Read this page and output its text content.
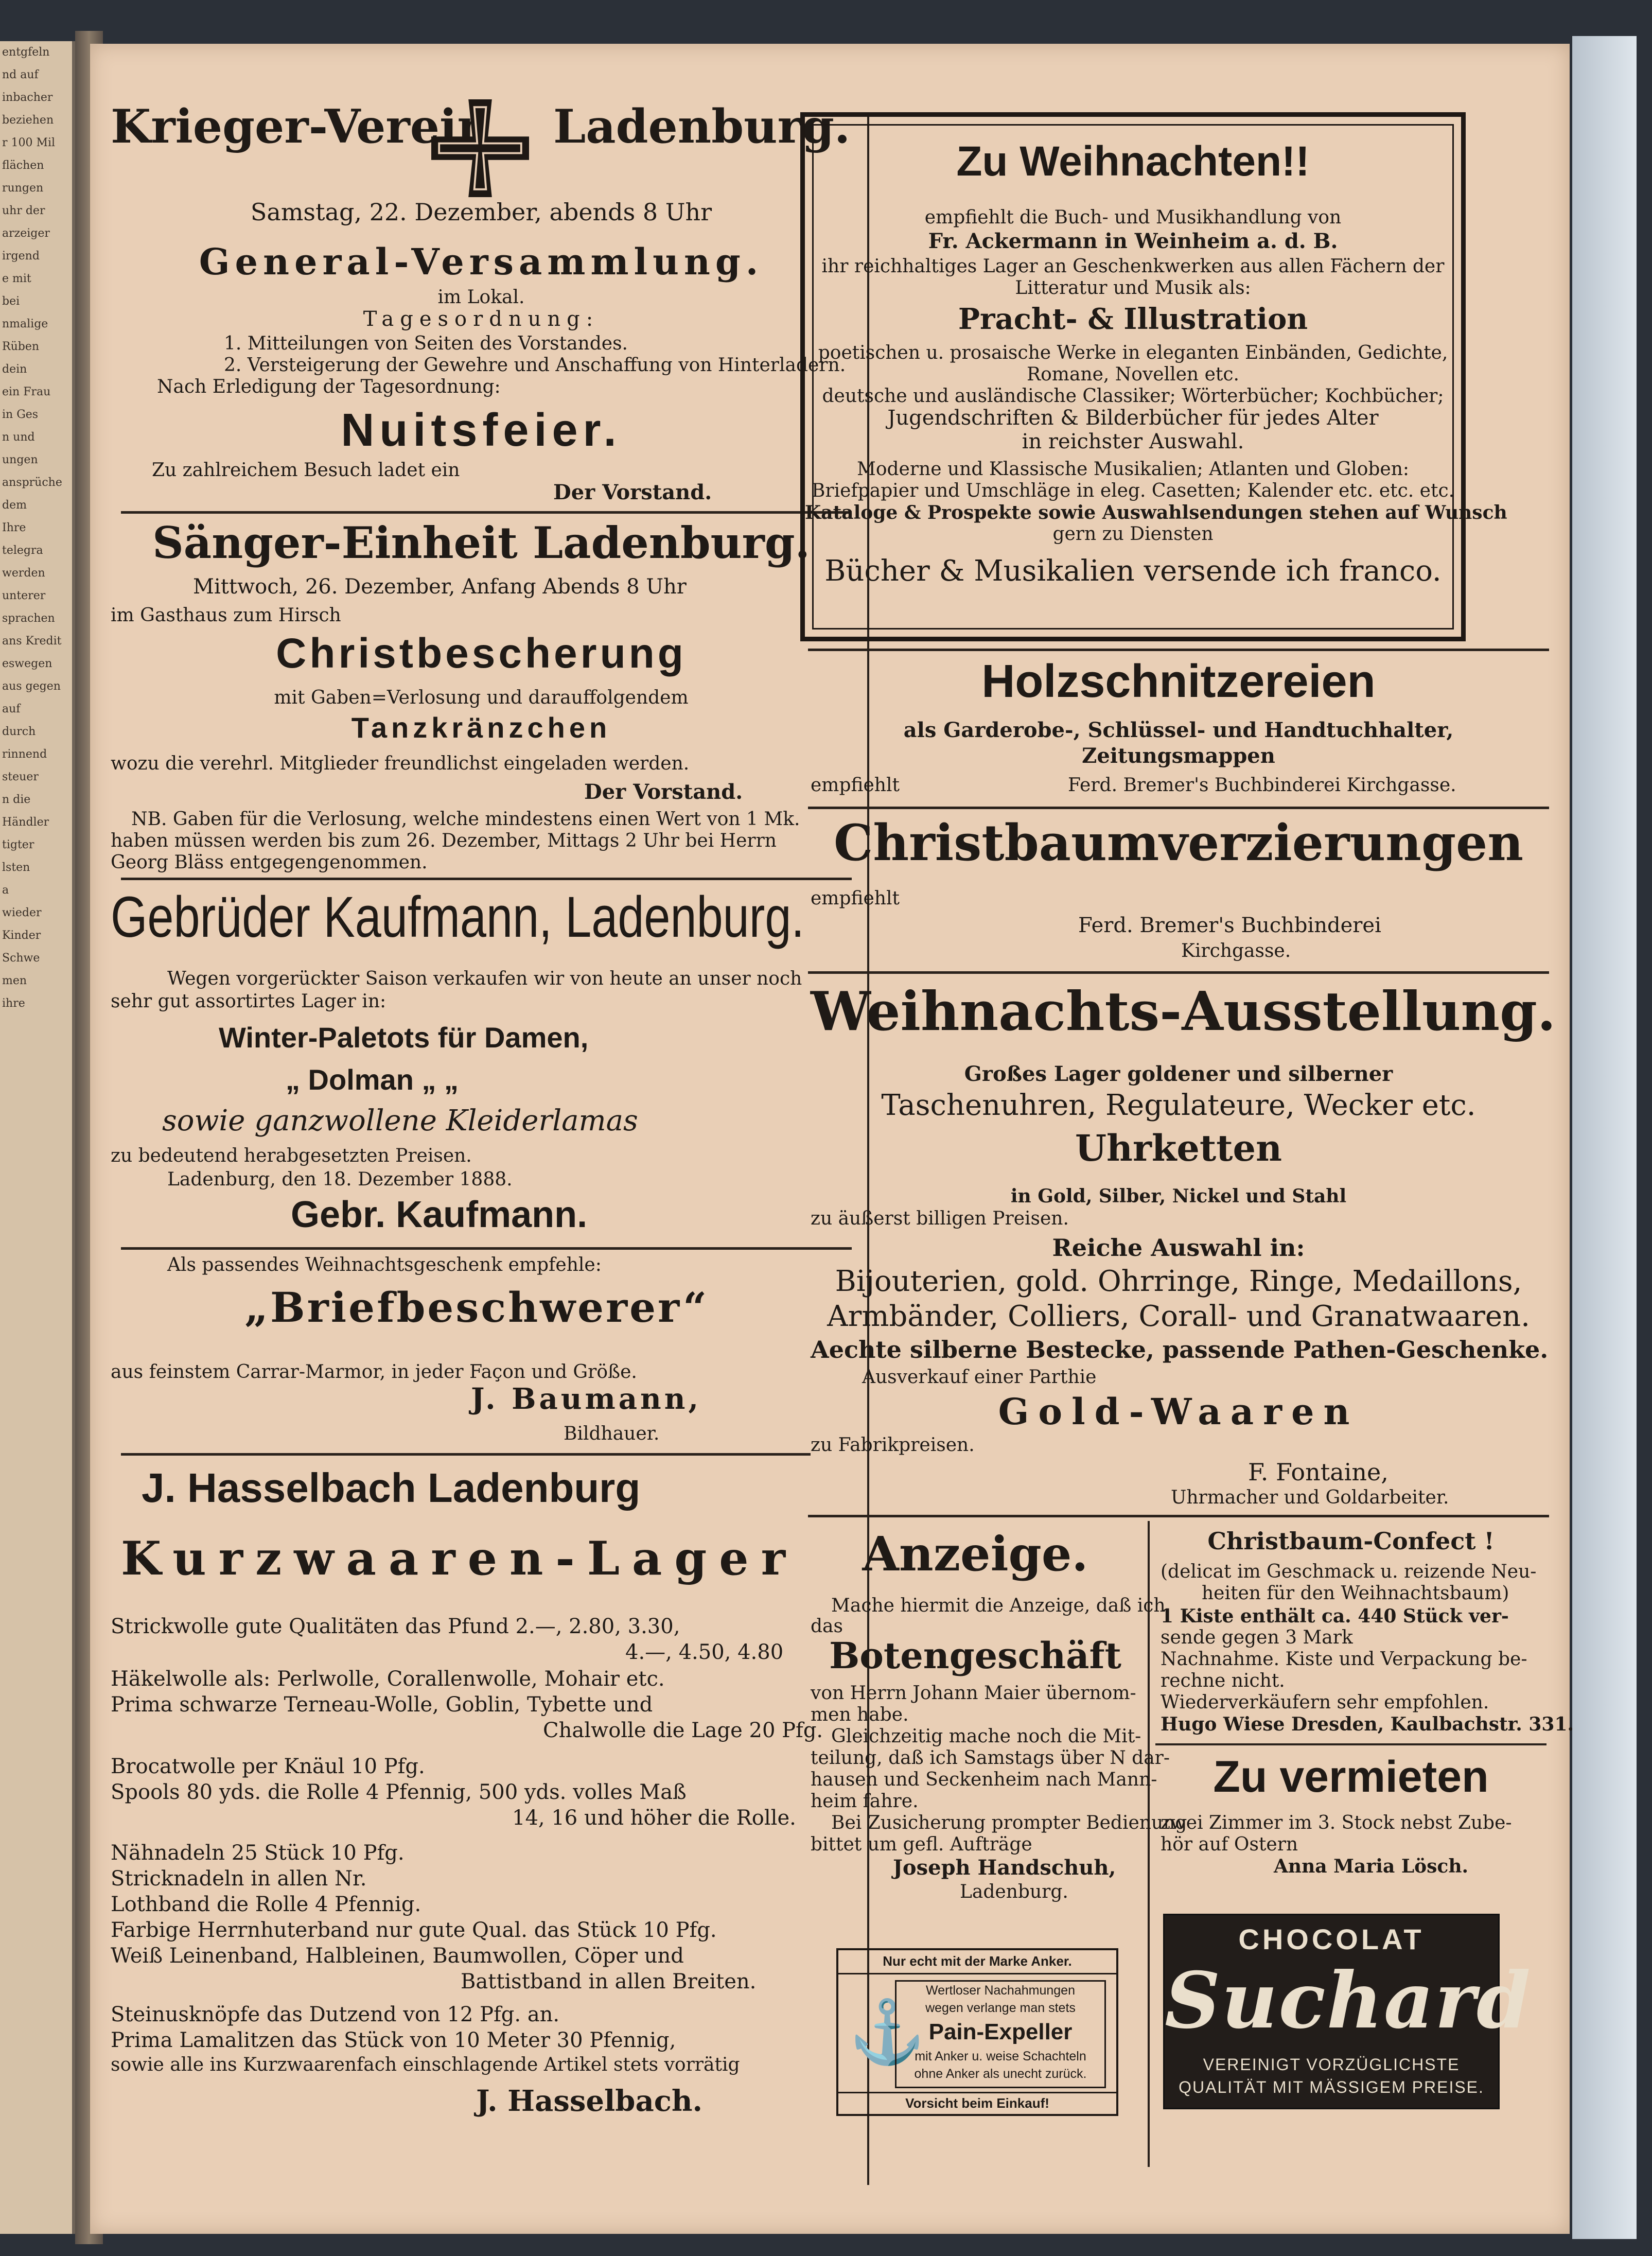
entgfeln
nd auf
inbacher
beziehen
r 100 Mil
flächen
rungen
uhr der
arzeiger
irgend
e mit
bei
nmalige
Rüben
dein
ein Frau
in Ges
n und
ungen
ansprüche
dem
Ihre
telegra
werden
unterer
sprachen
ans Kredit
eswegen
aus gegen
auf
durch
rinnend
steuer
n die
Händler
tigter
lsten
a
wieder
Kinder
Schwe
men
ihre
Krieger-Verein Ladenburg.
Samstag, 22. Dezember, abends 8 Uhr
General-Versammlung.
im Lokal.
Tagesordnung:
1. Mitteilungen von Seiten des Vorstandes.
2. Versteigerung der Gewehre und Anschaffung von Hinterladern.
Nach Erledigung der Tagesordnung:
Nuitsfeier.
Zu zahlreichem Besuch ladet ein
Der Vorstand.
Sänger-Einheit Ladenburg.
Mittwoch, 26. Dezember, Anfang Abends 8 Uhr
im Gasthaus zum Hirsch
Christbescherung
mit Gaben=Verlosung und darauffolgendem
Tanzkränzchen
wozu die verehrl. Mitglieder freundlichst eingeladen werden.
Der Vorstand.
NB. Gaben für die Verlosung, welche mindestens einen Wert von 1 Mk.
haben müssen werden bis zum 26. Dezember, Mittags 2 Uhr bei Herrn
Georg Bläss entgegengenommen.
Gebrüder Kaufmann, Ladenburg.
Wegen vorgerückter Saison verkaufen wir von heute an unser noch
sehr gut assortirtes Lager in:
Winter-Paletots für Damen,
„ Dolman „ „
sowie ganzwollene Kleiderlamas
zu bedeutend herabgesetzten Preisen.
Ladenburg, den 18. Dezember 1888.
Gebr. Kaufmann.
Als passendes Weihnachtsgeschenk empfehle:
„Briefbeschwerer“
aus feinstem Carrar-Marmor, in jeder Façon und Größe.
J. Baumann,
Bildhauer.
J. Hasselbach Ladenburg
Kurzwaaren-Lager
Strickwolle gute Qualitäten das Pfund 2.—, 2.80, 3.30,
4.—, 4.50, 4.80
Häkelwolle als: Perlwolle, Corallenwolle, Mohair etc.
Prima schwarze Terneau-Wolle, Goblin, Tybette und
Chalwolle die Lage 20 Pfg.
Brocatwolle per Knäul 10 Pfg.
Spools 80 yds. die Rolle 4 Pfennig, 500 yds. volles Maß
14, 16 und höher die Rolle.
Nähnadeln 25 Stück 10 Pfg.
Stricknadeln in allen Nr.
Lothband die Rolle 4 Pfennig.
Farbige Herrnhuterband nur gute Qual. das Stück 10 Pfg.
Weiß Leinenband, Halbleinen, Baumwollen, Cöper und
Battistband in allen Breiten.
Steinusknöpfe das Dutzend von 12 Pfg. an.
Prima Lamalitzen das Stück von 10 Meter 30 Pfennig,
sowie alle ins Kurzwaarenfach einschlagende Artikel stets vorrätig
J. Hasselbach.
Zu Weihnachten!!
empfiehlt die Buch- und Musikhandlung von
Fr. Ackermann in Weinheim a. d. B.
ihr reichhaltiges Lager an Geschenkwerken aus allen Fächern der
Litteratur und Musik als:
Pracht- & Illustration
poetischen u. prosaische Werke in eleganten Einbänden, Gedichte,
Romane, Novellen etc.
deutsche und ausländische Classiker; Wörterbücher; Kochbücher;
Jugendschriften & Bilderbücher für jedes Alter
in reichster Auswahl.
Moderne und Klassische Musikalien; Atlanten und Globen:
Briefpapier und Umschläge in eleg. Casetten; Kalender etc. etc. etc.
Kataloge & Prospekte sowie Auswahlsendungen stehen auf Wunsch
gern zu Diensten
Bücher & Musikalien versende ich franco.
Holzschnitzereien
als Garderobe-, Schlüssel- und Handtuchhalter,
Zeitungsmappen
empfiehlt	Ferd. Bremer's Buchbinderei Kirchgasse.
Christbaumverzierungen
empfiehlt
Ferd. Bremer's Buchbinderei
Kirchgasse.
Weihnachts-Ausstellung.
Großes Lager goldener und silberner
Taschenuhren, Regulateure, Wecker etc.
Uhrketten
in Gold, Silber, Nickel und Stahl
zu äußerst billigen Preisen.
Reiche Auswahl in:
Bijouterien, gold. Ohrringe, Ringe, Medaillons,
Armbänder, Colliers, Corall- und Granatwaaren.
Aechte silberne Bestecke, passende Pathen-Geschenke.
Ausverkauf einer Parthie
Gold-Waaren
zu Fabrikpreisen.
F. Fontaine,
Uhrmacher und Goldarbeiter.
Anzeige.
Mache hiermit die Anzeige, daß ich
das
Botengeschäft
von Herrn Johann Maier übernom-
men habe.
Gleichzeitig mache noch die Mit-
teilung, daß ich Samstags über N dar-
hausen und Seckenheim nach Mann-
heim fahre.
Bei Zusicherung prompter Bedienung
bittet um gefl. Aufträge
Joseph Handschuh,
Ladenburg.
Nur echt mit der Marke Anker.
⚓
Wertloser Nachahmungen
wegen verlange man stets
Pain-Expeller
mit Anker u. weise Schachteln
ohne Anker als unecht zurück.
Vorsicht beim Einkauf!
Christbaum-Confect !
(delicat im Geschmack u. reizende Neu-
heiten für den Weihnachtsbaum)
1 Kiste enthält ca. 440 Stück ver-
sende gegen 3 Mark
Nachnahme. Kiste und Verpackung be-
rechne nicht.
Wiederverkäufern sehr empfohlen.
Hugo Wiese Dresden, Kaulbachstr. 331.
Zu vermieten
zwei Zimmer im 3. Stock nebst Zube-
hör auf Ostern
Anna Maria Lösch.
CHOCOLAT
Suchard
VEREINIGT VORZÜGLICHSTE
QUALITÄT MIT MÄSSIGEM PREISE.
